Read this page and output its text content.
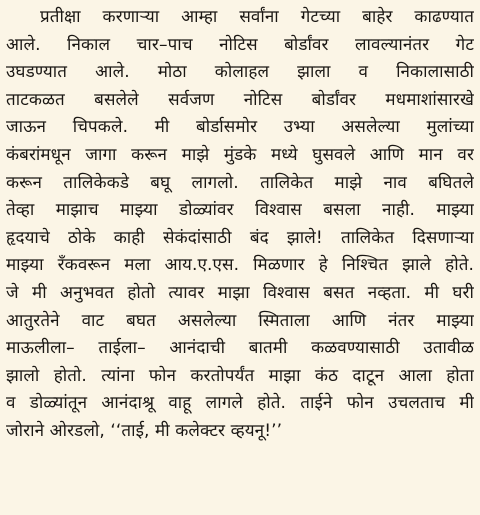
प्रतीक्षा करणाऱ्या आम्हा सर्वांना गेटच्या बाहेर काढण्यात
आले. निकाल चार–पाच नोटिस बोर्डांवर लावल्यानंतर गेट
उघडण्यात आले. मोठा कोलाहल झाला व निकालासाठी
ताटकळत बसलेले सर्वजण नोटिस बोर्डांवर मधमाशांसारखे
जाऊन चिपकले. मी बोर्डासमोर उभ्या असलेल्या मुलांच्या
कंबरांमधून जागा करून माझे मुंडके मध्ये घुसवले आणि मान वर
करून तालिकेकडे बघू लागलो. तालिकेत माझे नाव बघितले
तेव्हा माझाच माझ्या डोळ्यांवर विश्वास बसला नाही. माझ्या
हृदयाचे ठोके काही सेकंदांसाठी बंद झाले! तालिकेत दिसणाऱ्या
माझ्या रँकवरून मला आय.ए.एस. मिळणार हे निश्चित झाले होते.
जे मी अनुभवत होतो त्यावर माझा विश्वास बसत नव्हता. मी घरी
आतुरतेने वाट बघत असलेल्या स्मिताला आणि नंतर माझ्या
माऊलीला– ताईला– आनंदाची बातमी कळवण्यासाठी उतावीळ
झालो होतो. त्यांना फोन करतोपर्यंत माझा कंठ दाटून आला होता
व डोळ्यांतून आनंदाश्रू वाहू लागले होते. ताईने फोन उचलताच मी
जोराने ओरडलो, ‘‘ताई, मी कलेक्टर व्हयनू!’’
